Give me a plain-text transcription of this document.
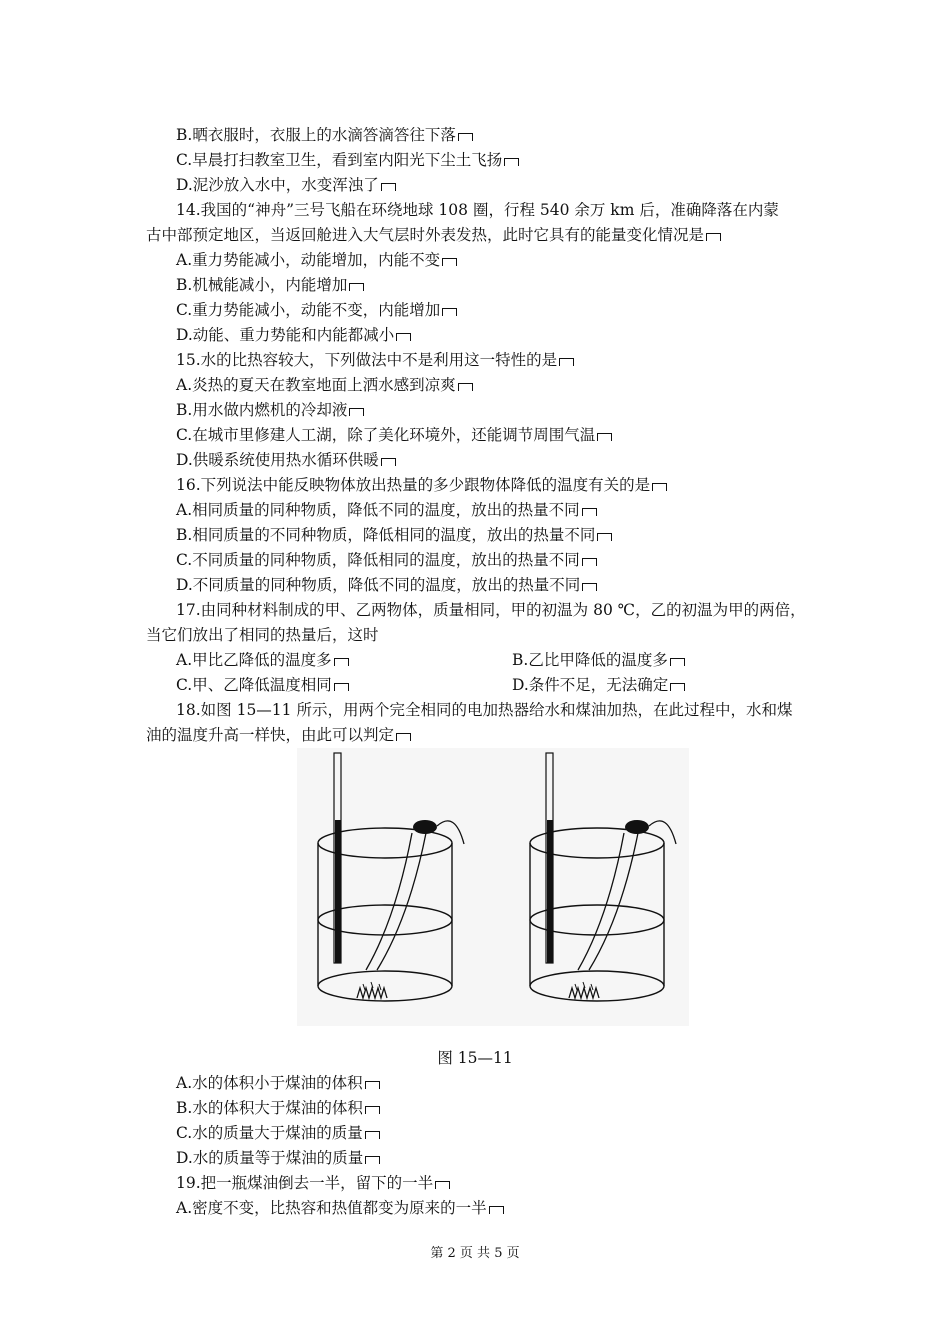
B.晒衣服时，衣服上的水滴答滴答往下落
C.早晨打扫教室卫生，看到室内阳光下尘土飞扬
D.泥沙放入水中，水变浑浊了
14.我国的“神舟”三号飞船在环绕地球 108 圈，行程 540 余万 km 后，准确降落在内蒙
古中部预定地区，当返回舱进入大气层时外表发热，此时它具有的能量变化情况是
A.重力势能减小，动能增加，内能不变
B.机械能减小，内能增加
C.重力势能减小，动能不变，内能增加
D.动能、重力势能和内能都减小
15.水的比热容较大，下列做法中不是利用这一特性的是
A.炎热的夏天在教室地面上洒水感到凉爽
B.用水做内燃机的冷却液
C.在城市里修建人工湖，除了美化环境外，还能调节周围气温
D.供暖系统使用热水循环供暖
16.下列说法中能反映物体放出热量的多少跟物体降低的温度有关的是
A.相同质量的同种物质，降低不同的温度，放出的热量不同
B.相同质量的不同种物质，降低相同的温度，放出的热量不同
C.不同质量的同种物质，降低相同的温度，放出的热量不同
D.不同质量的同种物质，降低不同的温度，放出的热量不同
17.由同种材料制成的甲、乙两物体，质量相同，甲的初温为 80 ℃，乙的初温为甲的两倍，
当它们放出了相同的热量后，这时
A.甲比乙降低的温度多	B.乙比甲降低的温度多
C.甲、乙降低温度相同	D.条件不足，无法确定
18.如图 15—11 所示，用两个完全相同的电加热器给水和煤油加热，在此过程中，水和煤
油的温度升高一样快，由此可以判定
图 15—11
A.水的体积小于煤油的体积
B.水的体积大于煤油的体积
C.水的质量大于煤油的质量
D.水的质量等于煤油的质量
19.把一瓶煤油倒去一半，留下的一半
A.密度不变，比热容和热值都变为原来的一半
第 2 页 共 5 页
